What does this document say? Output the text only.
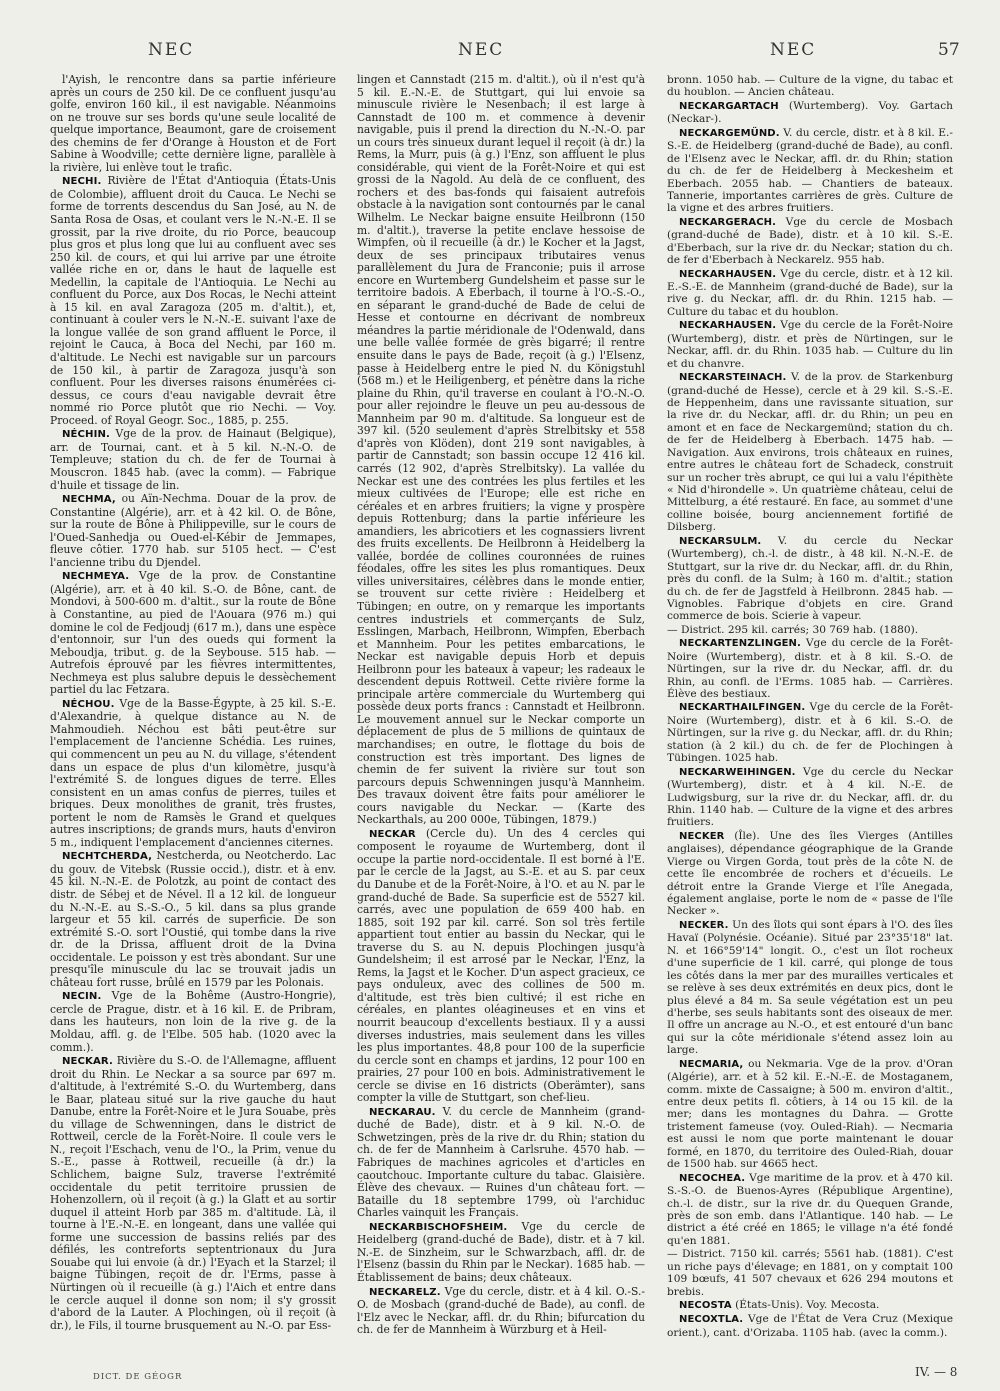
NEC	NEC	NEC	57

l'Ayish, le rencontre dans sa partie inférieure après un cours de 250 kil. De ce confluent jusqu'au golfe, environ 160 kil., il est navigable. Néanmoins on ne trouve sur ses bords qu'une seule localité de quelque importance, Beaumont, gare de croisement des chemins de fer d'Orange à Houston et de Fort Sabine à Woodville; cette dernière ligne, parallèle à la rivière, lui enlève tout le trafic.

NECHI. Rivière de l'État d'Antioquia (États-Unis de Colombie), affluent droit du Cauca. Le Nechi se forme de torrents descendus du San José, au N. de Santa Rosa de Osas, et coulant vers le N.-N.-E. Il se grossit, par la rive droite, du rio Porce, beaucoup plus gros et plus long que lui au confluent avec ses 250 kil. de cours, et qui lui arrive par une étroite vallée riche en or, dans le haut de laquelle est Medellin, la capitale de l'Antioquia. Le Nechi au confluent du Porce, aux Dos Rocas, le Nechi atteint à 15 kil. en aval Zaragoza (205 m. d'altit.), et, continuant à couler vers le N.-N.-E. suivant l'axe de la longue vallée de son grand affluent le Porce, il rejoint le Cauca, à Boca del Nechi, par 160 m. d'altitude. Le Nechi est navigable sur un parcours de 150 kil., à partir de Zaragoza jusqu'à son confluent. Pour les diverses raisons énumérées ci-dessus, ce cours d'eau navigable devrait être nommé rio Porce plutôt que rio Nechi. — Voy. Proceed. of Royal Geogr. Soc., 1885, p. 255.

NÉCHIN. Vge de la prov. de Hainaut (Belgique), arr. de Tournai, cant. et à 5 kil. N.-N.-O. de Templeuve; station du ch. de fer de Tournai à Mouscron. 1845 hab. (avec la comm). — Fabrique d'huile et tissage de lin.

NECHMA, ou Aïn-Nechma. Douar de la prov. de Constantine (Algérie), arr. et à 42 kil. O. de Bône, sur la route de Bône à Philippeville, sur le cours de l'Oued-Sanhedja ou Oued-el-Kébir de Jemmapes, fleuve côtier. 1770 hab. sur 5105 hect. — C'est l'ancienne tribu du Djendel.

NECHMEYA. Vge de la prov. de Constantine (Algérie), arr. et à 40 kil. S.-O. de Bône, cant. de Mondovi, à 500-600 m. d'altit., sur la route de Bône à Constantine, au pied de l'Aouara (976 m.) qui domine le col de Fedjoudj (617 m.), dans une espèce d'entonnoir, sur l'un des oueds qui forment la Meboudja, tribut. g. de la Seybouse. 515 hab. — Autrefois éprouvé par les fièvres intermittentes, Nechmeya est plus salubre depuis le dessèchement partiel du lac Fetzara.

NÉCHOU. Vge de la Basse-Égypte, à 25 kil. S.-E. d'Alexandrie, à quelque distance au N. de Mahmoudieh. Néchou est bâti peut-être sur l'emplacement de l'ancienne Schédia. Les ruines, qui commencent un peu au N. du village, s'étendent dans un espace de plus d'un kilomètre, jusqu'à l'extrémité S. de longues digues de terre. Elles consistent en un amas confus de pierres, tuiles et briques. Deux monolithes de granit, très frustes, portent le nom de Ramsès le Grand et quelques autres inscriptions; de grands murs, hauts d'environ 5 m., indiquent l'emplacement d'anciennes citernes.

NECHTCHERDA, Nestcherda, ou Neotcherdo. Lac du gouv. de Vitebsk (Russie occid.), distr. et à env. 45 kil. N.-N.-E. de Polotzk, au point de contact des distr. de Sébej et de Nével. Il a 12 kil. de longueur du N.-N.-E. au S.-S.-O., 5 kil. dans sa plus grande largeur et 55 kil. carrés de superficie. De son extrémité S.-O. sort l'Oustié, qui tombe dans la rive dr. de la Drissa, affluent droit de la Dvina occidentale. Le poisson y est très abondant. Sur une presqu'île minuscule du lac se trouvait jadis un château fort russe, brûlé en 1579 par les Polonais.

NECIN. Vge de la Bohême (Austro-Hongrie), cercle de Prague, distr. et à 16 kil. E. de Pribram, dans les hauteurs, non loin de la rive g. de la Moldau, affl. g. de l'Elbe. 505 hab. (1020 avec la comm.).

NECKAR. Rivière du S.-O. de l'Allemagne, affluent droit du Rhin. Le Neckar a sa source par 697 m. d'altitude, à l'extrémité S.-O. du Wurtemberg, dans le Baar, plateau situé sur la rive gauche du haut Danube, entre la Forêt-Noire et le Jura Souabe, près du village de Schwenningen, dans le district de Rottweil, cercle de la Forêt-Noire. Il coule vers le N., reçoit l'Eschach, venu de l'O., la Prim, venue du S.-E., passe à Rottweil, recueille (à dr.) la Schlichem, baigne Sulz, traverse l'extrémité occidentale du petit territoire prussien de Hohenzollern, où il reçoit (à g.) la Glatt et au sortir duquel il atteint Horb par 385 m. d'altitude. Là, il tourne à l'E.-N.-E. en longeant, dans une vallée qui forme une succession de bassins reliés par des défilés, les contreforts septentrionaux du Jura Souabe qui lui envoie (à dr.) l'Eyach et la Starzel; il baigne Tübingen, reçoit de dr. l'Erms, passe à Nürtingen où il recueille (à g.) l'Aich et entre dans le cercle auquel il donne son nom; il s'y grossit d'abord de la Lauter. A Plochingen, où il reçoit (à dr.), le Fils, il tourne brusquement au N.-O. par Ess-

lingen et Cannstadt (215 m. d'altit.), où il n'est qu'à 5 kil. E.-N.-E. de Stuttgart, qui lui envoie sa minuscule rivière le Nesenbach; il est large à Cannstadt de 100 m. et commence à devenir navigable, puis il prend la direction du N.-N.-O. par un cours très sinueux durant lequel il reçoit (à dr.) la Rems, la Murr, puis (à g.) l'Enz, son affluent le plus considérable, qui vient de la Forêt-Noire et qui est grossi de la Nagold. Au delà de ce confluent, des rochers et des bas-fonds qui faisaient autrefois obstacle à la navigation sont contournés par le canal Wilhelm. Le Neckar baigne ensuite Heilbronn (150 m. d'altit.), traverse la petite enclave hessoise de Wimpfen, où il recueille (à dr.) le Kocher et la Jagst, deux de ses principaux tributaires venus parallèlement du Jura de Franconie; puis il arrose encore en Wurtemberg Gundelsheim et passe sur le territoire badois. A Eberbach, il tourne à l'O.-S.-O., en séparant le grand-duché de Bade de celui de Hesse et contourne en décrivant de nombreux méandres la partie méridionale de l'Odenwald, dans une belle vallée formée de grès bigarré; il rentre ensuite dans le pays de Bade, reçoit (à g.) l'Elsenz, passe à Heidelberg entre le pied N. du Königstuhl (568 m.) et le Heiligenberg, et pénètre dans la riche plaine du Rhin, qu'il traverse en coulant à l'O.-N.-O. pour aller rejoindre le fleuve un peu au-dessous de Mannheim par 90 m. d'altitude. Sa longueur est de 397 kil. (520 seulement d'après Strelbitsky et 558 d'après von Klöden), dont 219 sont navigables, à partir de Cannstadt; son bassin occupe 12 416 kil. carrés (12 902, d'après Strelbitsky). La vallée du Neckar est une des contrées les plus fertiles et les mieux cultivées de l'Europe; elle est riche en céréales et en arbres fruitiers; la vigne y prospère depuis Rottenburg; dans la partie inférieure les amandiers, les abricotiers et les cognassiers livrent des fruits excellents. De Heilbronn à Heidelberg la vallée, bordée de collines couronnées de ruines féodales, offre les sites les plus romantiques. Deux villes universitaires, célèbres dans le monde entier, se trouvent sur cette rivière : Heidelberg et Tübingen; en outre, on y remarque les importants centres industriels et commerçants de Sulz, Esslingen, Marbach, Heilbronn, Wimpfen, Eberbach et Mannheim. Pour les petites embarcations, le Neckar est navigable depuis Horb et depuis Heilbronn pour les bateaux à vapeur; les radeaux le descendent depuis Rottweil. Cette rivière forme la principale artère commerciale du Wurtemberg qui possède deux ports francs : Cannstadt et Heilbronn. Le mouvement annuel sur le Neckar comporte un déplacement de plus de 5 millions de quintaux de marchandises; en outre, le flottage du bois de construction est très important. Des lignes de chemin de fer suivent la rivière sur tout son parcours depuis Schwenningen jusqu'à Mannheim. Des travaux doivent être faits pour améliorer le cours navigable du Neckar. — (Karte des Neckarthals, au 200 000e, Tübingen, 1879.)

NECKAR (Cercle du). Un des 4 cercles qui composent le royaume de Wurtemberg, dont il occupe la partie nord-occidentale. Il est borné à l'E. par le cercle de la Jagst, au S.-E. et au S. par ceux du Danube et de la Forêt-Noire, à l'O. et au N. par le grand-duché de Bade. Sa superficie est de 5527 kil. carrés, avec une population de 659 400 hab. en 1885, soit 192 par kil. carré. Son sol très fertile appartient tout entier au bassin du Neckar, qui le traverse du S. au N. depuis Plochingen jusqu'à Gundelsheim; il est arrosé par le Neckar, l'Enz, la Rems, la Jagst et le Kocher. D'un aspect gracieux, ce pays onduleux, avec des collines de 500 m. d'altitude, est très bien cultivé; il est riche en céréales, en plantes oléagineuses et en vins et nourrit beaucoup d'excellents bestiaux. Il y a aussi diverses industries, mais seulement dans les villes les plus importantes. 48,8 pour 100 de la superficie du cercle sont en champs et jardins, 12 pour 100 en prairies, 27 pour 100 en bois. Administrativement le cercle se divise en 16 districts (Oberämter), sans compter la ville de Stuttgart, son chef-lieu.

NECKARAU. V. du cercle de Mannheim (grand-duché de Bade), distr. et à 9 kil. N.-O. de Schwetzingen, près de la rive dr. du Rhin; station du ch. de fer de Mannheim à Carlsruhe. 4570 hab. — Fabriques de machines agricoles et d'articles en caoutchouc. Importante culture du tabac. Glaisière. Élève des chevaux. — Ruines d'un château fort. — Bataille du 18 septembre 1799, où l'archiduc Charles vainquit les Français.

NECKARBISCHOFSHEIM. Vge du cercle de Heidelberg (grand-duché de Bade), distr. et à 7 kil. N.-E. de Sinzheim, sur le Schwarzbach, affl. dr. de l'Elsenz (bassin du Rhin par le Neckar). 1685 hab. — Établissement de bains; deux châteaux.

NECKARELZ. Vge du cercle, distr. et à 4 kil. O.-S.-O. de Mosbach (grand-duché de Bade), au confl. de l'Elz avec le Neckar, affl. dr. du Rhin; bifurcation du ch. de fer de Mannheim à Würzburg et à Heil-

bronn. 1050 hab. — Culture de la vigne, du tabac et du houblon. — Ancien château.

NECKARGARTACH (Wurtemberg). Voy. Gartach (Neckar-).

NECKARGEMÜND. V. du cercle, distr. et à 8 kil. E.-S.-E. de Heidelberg (grand-duché de Bade), au confl. de l'Elsenz avec le Neckar, affl. dr. du Rhin; station du ch. de fer de Heidelberg à Meckesheim et Eberbach. 2055 hab. — Chantiers de bateaux. Tannerie, importantes carrières de grès. Culture de la vigne et des arbres fruitiers.

NECKARGERACH. Vge du cercle de Mosbach (grand-duché de Bade), distr. et à 10 kil. S.-E. d'Eberbach, sur la rive dr. du Neckar; station du ch. de fer d'Eberbach à Neckarelz. 955 hab.

NECKARHAUSEN. Vge du cercle, distr. et à 12 kil. E.-S.-E. de Mannheim (grand-duché de Bade), sur la rive g. du Neckar, affl. dr. du Rhin. 1215 hab. — Culture du tabac et du houblon.

NECKARHAUSEN. Vge du cercle de la Forêt-Noire (Wurtemberg), distr. et près de Nürtingen, sur le Neckar, affl. dr. du Rhin. 1035 hab. — Culture du lin et du chanvre.

NECKARSTEINACH. V. de la prov. de Starkenburg (grand-duché de Hesse), cercle et à 29 kil. S.-S.-E. de Heppenheim, dans une ravissante situation, sur la rive dr. du Neckar, affl. dr. du Rhin; un peu en amont et en face de Neckargemünd; station du ch. de fer de Heidelberg à Eberbach. 1475 hab. — Navigation. Aux environs, trois châteaux en ruines, entre autres le château fort de Schadeck, construit sur un rocher très abrupt, ce qui lui a valu l'épithète « Nid d'hirondelle ». Un quatrième château, celui de Mittelburg, a été restauré. En face, au sommet d'une colline boisée, bourg anciennement fortifié de Dilsberg.

NECKARSULM. V. du cercle du Neckar (Wurtemberg), ch.-l. de distr., à 48 kil. N.-N.-E. de Stuttgart, sur la rive dr. du Neckar, affl. dr. du Rhin, près du confl. de la Sulm; à 160 m. d'altit.; station du ch. de fer de Jagstfeld à Heilbronn. 2845 hab. — Vignobles. Fabrique d'objets en cire. Grand commerce de bois. Scierie à vapeur.

— District. 295 kil. carrés; 30 769 hab. (1880).

NECKARTENZLINGEN. Vge du cercle de la Forêt-Noire (Wurtemberg), distr. et à 8 kil. S.-O. de Nürtingen, sur la rive dr. du Neckar, affl. dr. du Rhin, au confl. de l'Erms. 1085 hab. — Carrières. Élève des bestiaux.

NECKARTHAILFINGEN. Vge du cercle de la Forêt-Noire (Wurtemberg), distr. et à 6 kil. S.-O. de Nürtingen, sur la rive g. du Neckar, affl. dr. du Rhin; station (à 2 kil.) du ch. de fer de Plochingen à Tübingen. 1025 hab.

NECKARWEIHINGEN. Vge du cercle du Neckar (Wurtemberg), distr. et à 4 kil. N.-E. de Ludwigsburg, sur la rive dr. du Neckar, affl. dr. du Rhin. 1140 hab. — Culture de la vigne et des arbres fruitiers.

NECKER (Île). Une des îles Vierges (Antilles anglaises), dépendance géographique de la Grande Vierge ou Virgen Gorda, tout près de la côte N. de cette île encombrée de rochers et d'écueils. Le détroit entre la Grande Vierge et l'île Anegada, également anglaise, porte le nom de « passe de l'île Necker ».

NECKER. Un des îlots qui sont épars à l'O. des îles Havaï (Polynésie. Océanie). Situé par 23°35'18" lat. N. et 166°59'14" longit. O., c'est un îlot rocheux d'une superficie de 1 kil. carré, qui plonge de tous les côtés dans la mer par des murailles verticales et se relève à ses deux extrémités en deux pics, dont le plus élevé a 84 m. Sa seule végétation est un peu d'herbe, ses seuls habitants sont des oiseaux de mer. Il offre un ancrage au N.-O., et est entouré d'un banc qui sur la côte méridionale s'étend assez loin au large.

NECMARIA, ou Nekmaria. Vge de la prov. d'Oran (Algérie), arr. et à 52 kil. E.-N.-E. de Mostaganem, comm. mixte de Cassaigne; à 500 m. environ d'altit., entre deux petits fl. côtiers, à 14 ou 15 kil. de la mer; dans les montagnes du Dahra. — Grotte tristement fameuse (voy. Ouled-Riah). — Necmaria est aussi le nom que porte maintenant le douar formé, en 1870, du territoire des Ouled-Riah, douar de 1500 hab. sur 4665 hect.

NECOCHEA. Vge maritime de la prov. et à 470 kil. S.-S.-O. de Buenos-Ayres (République Argentine), ch.-l. de distr., sur la rive dr. du Quequen Grande, près de son emb. dans l'Atlantique. 140 hab. — Le district a été créé en 1865; le village n'a été fondé qu'en 1881.

— District. 7150 kil. carrés; 5561 hab. (1881). C'est un riche pays d'élevage; en 1881, on y comptait 100 109 bœufs, 41 507 chevaux et 626 294 moutons et brebis.

NECOSTA (États-Unis). Voy. Mecosta.

NECOXTLA. Vge de l'État de Vera Cruz (Mexique orient.), cant. d'Orizaba. 1105 hab. (avec la comm.).

DICT. DE GÉOGR	IV. — 8
